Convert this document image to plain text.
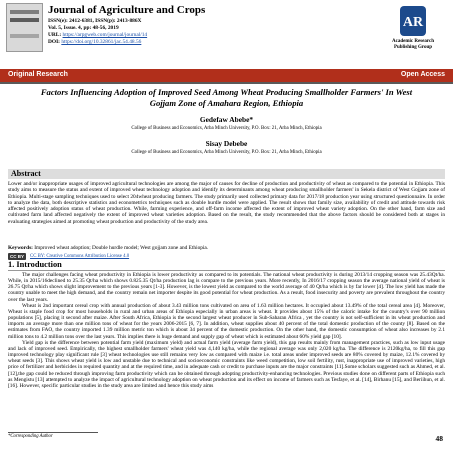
Journal of Agriculture and Crops
ISSN(e): 2412-6381, ISSN(p): 2413-886X
Vol. 5, Issue. 4, pp: 48-56, 2019
URL: https://arpgweb.com/journal/journal/14
DOI: https://doi.org/10.32861/jac.54.48.56
AR
Academic Research Publishing Group
Original Research	Open Access
Factors Influencing Adoption of Improved Seed Among Wheat Producing Smallholder Farmers' In West Gojjam Zone of Amahara Region, Ethiopia
Gedefaw Abebe*
College of Business and Economics, Arba Minch University, P.O. Box: 21, Arba Minch, Ethiopia
Sisay Debebe
College of Business and Economics, Arba Minch University, P.O. Box: 21, Arba Minch, Ethiopia
Abstract
Lower and/or inappropriate usages of improved agricultural technologies are among the major of causes for decline of production and productivity of wheat as compared to the potential in Ethiopia. This study aims to measure the status and extent of improved wheat technology adoption and identify its determinants among wheat producing smallholder farmers' in Sekela district of West Gojjam zone of Ethiopia. Multi-stage sampling techniques used to select 204wheat producing farmers. The study primarily used collected primary data for 2017/18 production year using structured questionnaire. In order to analyze the data, both descriptive statistics and econometrics techniques such as double hurdle model were applied. The result shows that family size, availability of credit and attitude towards risk affected positively adoption status of wheat production. While, farming experience, and off-farm income affected the extent of improved wheat variety adoption. On the other hand, farm size and cultivated farm land affected negatively the extent of improved wheat varieties adoption. Based on the result, the study recommended that the above factors should be considered both at stages in evaluating strategies aimed at promoting wheat production and productivity of the study area.
Keywords: Improved wheat adoption; Double hurdle model; West gojjam zone and Ethiopia.
CC BY	CC BY: Creative Commons Attribution License 4.0
1. Introduction

The major challenges facing wheat productivity in Ethiopia is lower productivity as compared to its potentials. The national wheat productivity is during 2013/14 cropping season was 25.43Qt/ha. While, in 2015/16declined to 25.35 Qt/ha which shows 0.825.35 Qt/ha production lag is compare to the previous years. More recently, In 2016/17 cropping season the average national yield of wheat is 26.75 Qt/ha which shows slight improvement to the previous years [1-3]. However, is the lowest yield as compared to the world average of 40 Qt/ha which is by far lower [4]. The low yield has made the country unable to meet the high demand, and the country remain net importer despite its good potential for wheat production. As a result, food insecurity and poverty are prevalent throughout the country over the last years.

Wheat is 2nd important cereal crop with annual production of about 3.43 million tons cultivated on area of 1.63 million hectares. It occupied about 13.49% of the total cereal area [4]. Moreover, Wheat is staple food crop for most households in rural and urban areas of Ethiopia especially in urban areas is wheat. It provides about 15% of the caloric intake for the country's over 90 million populations [5], placing it second after maize. After South Africa, Ethiopia is the second largest wheat producer in Sub-Saharan Africa , yet the country is not self-sufficient in its wheat production and imports an average more than one million tons of wheat for the years 2006-2015 [6, 7]. In addition, wheat supplies about 40 percent of the total domestic production of the county [8]. Based on the estimates from FAO, the country imported 1.39 million metric ton which is about 34 percent of the domestic production. On the other hand, the domestic consumption of wheat also increases by 2.1 million tons to 4.2 million tons over the last years. This implies there is huge demand and supply gap of wheat which is estimated about 60% yield gap [10].

Yield gap is the difference between potential farm yield (maximum yield) and actual farm yield (average farm yield), this gap results mainly from management practices, such as low input usage and lack of improved seed. Empirically, the highest smallholder farmers' wheat yield was 4,140 kg/ha, while the regional average was only 2,020 kg/ha. The difference is 2120kg/ha, to fill this gap improved technology play significant rule [3] wheat technologies use still remains very low as compared with maize i.e. total areas under improved seeds are 80% covered by maize, 12.1% covered by wheat seeds [3]. This shows wheat yield is low and unstable due to technical and socioeconomic constraints like weed competition, low soil fertility, rust, inappropriate use of improved varieties, high price of fertilizer and herbicides in required quantity and at the required time, and in adequate cash or credit to purchase inputs are the major constraints [11].Some scholars suggested such as Ahmed, et al. [12],the gap could be reduced through improving farm productivity which can be obtained through adopting productivity-enhancing technologies. Previous studies done on different parts of Ethiopia such as Mengistu [13] attempted to analyze the impact of agricultural technology adoption on wheat production and its effect on income of farmers such as Tesfaye, et al. [14], Birhanu [15], and Beriihun, et al. [16]. However, specific particular studies in the study area are limited and hence this study aims

*Corresponding Author	48
